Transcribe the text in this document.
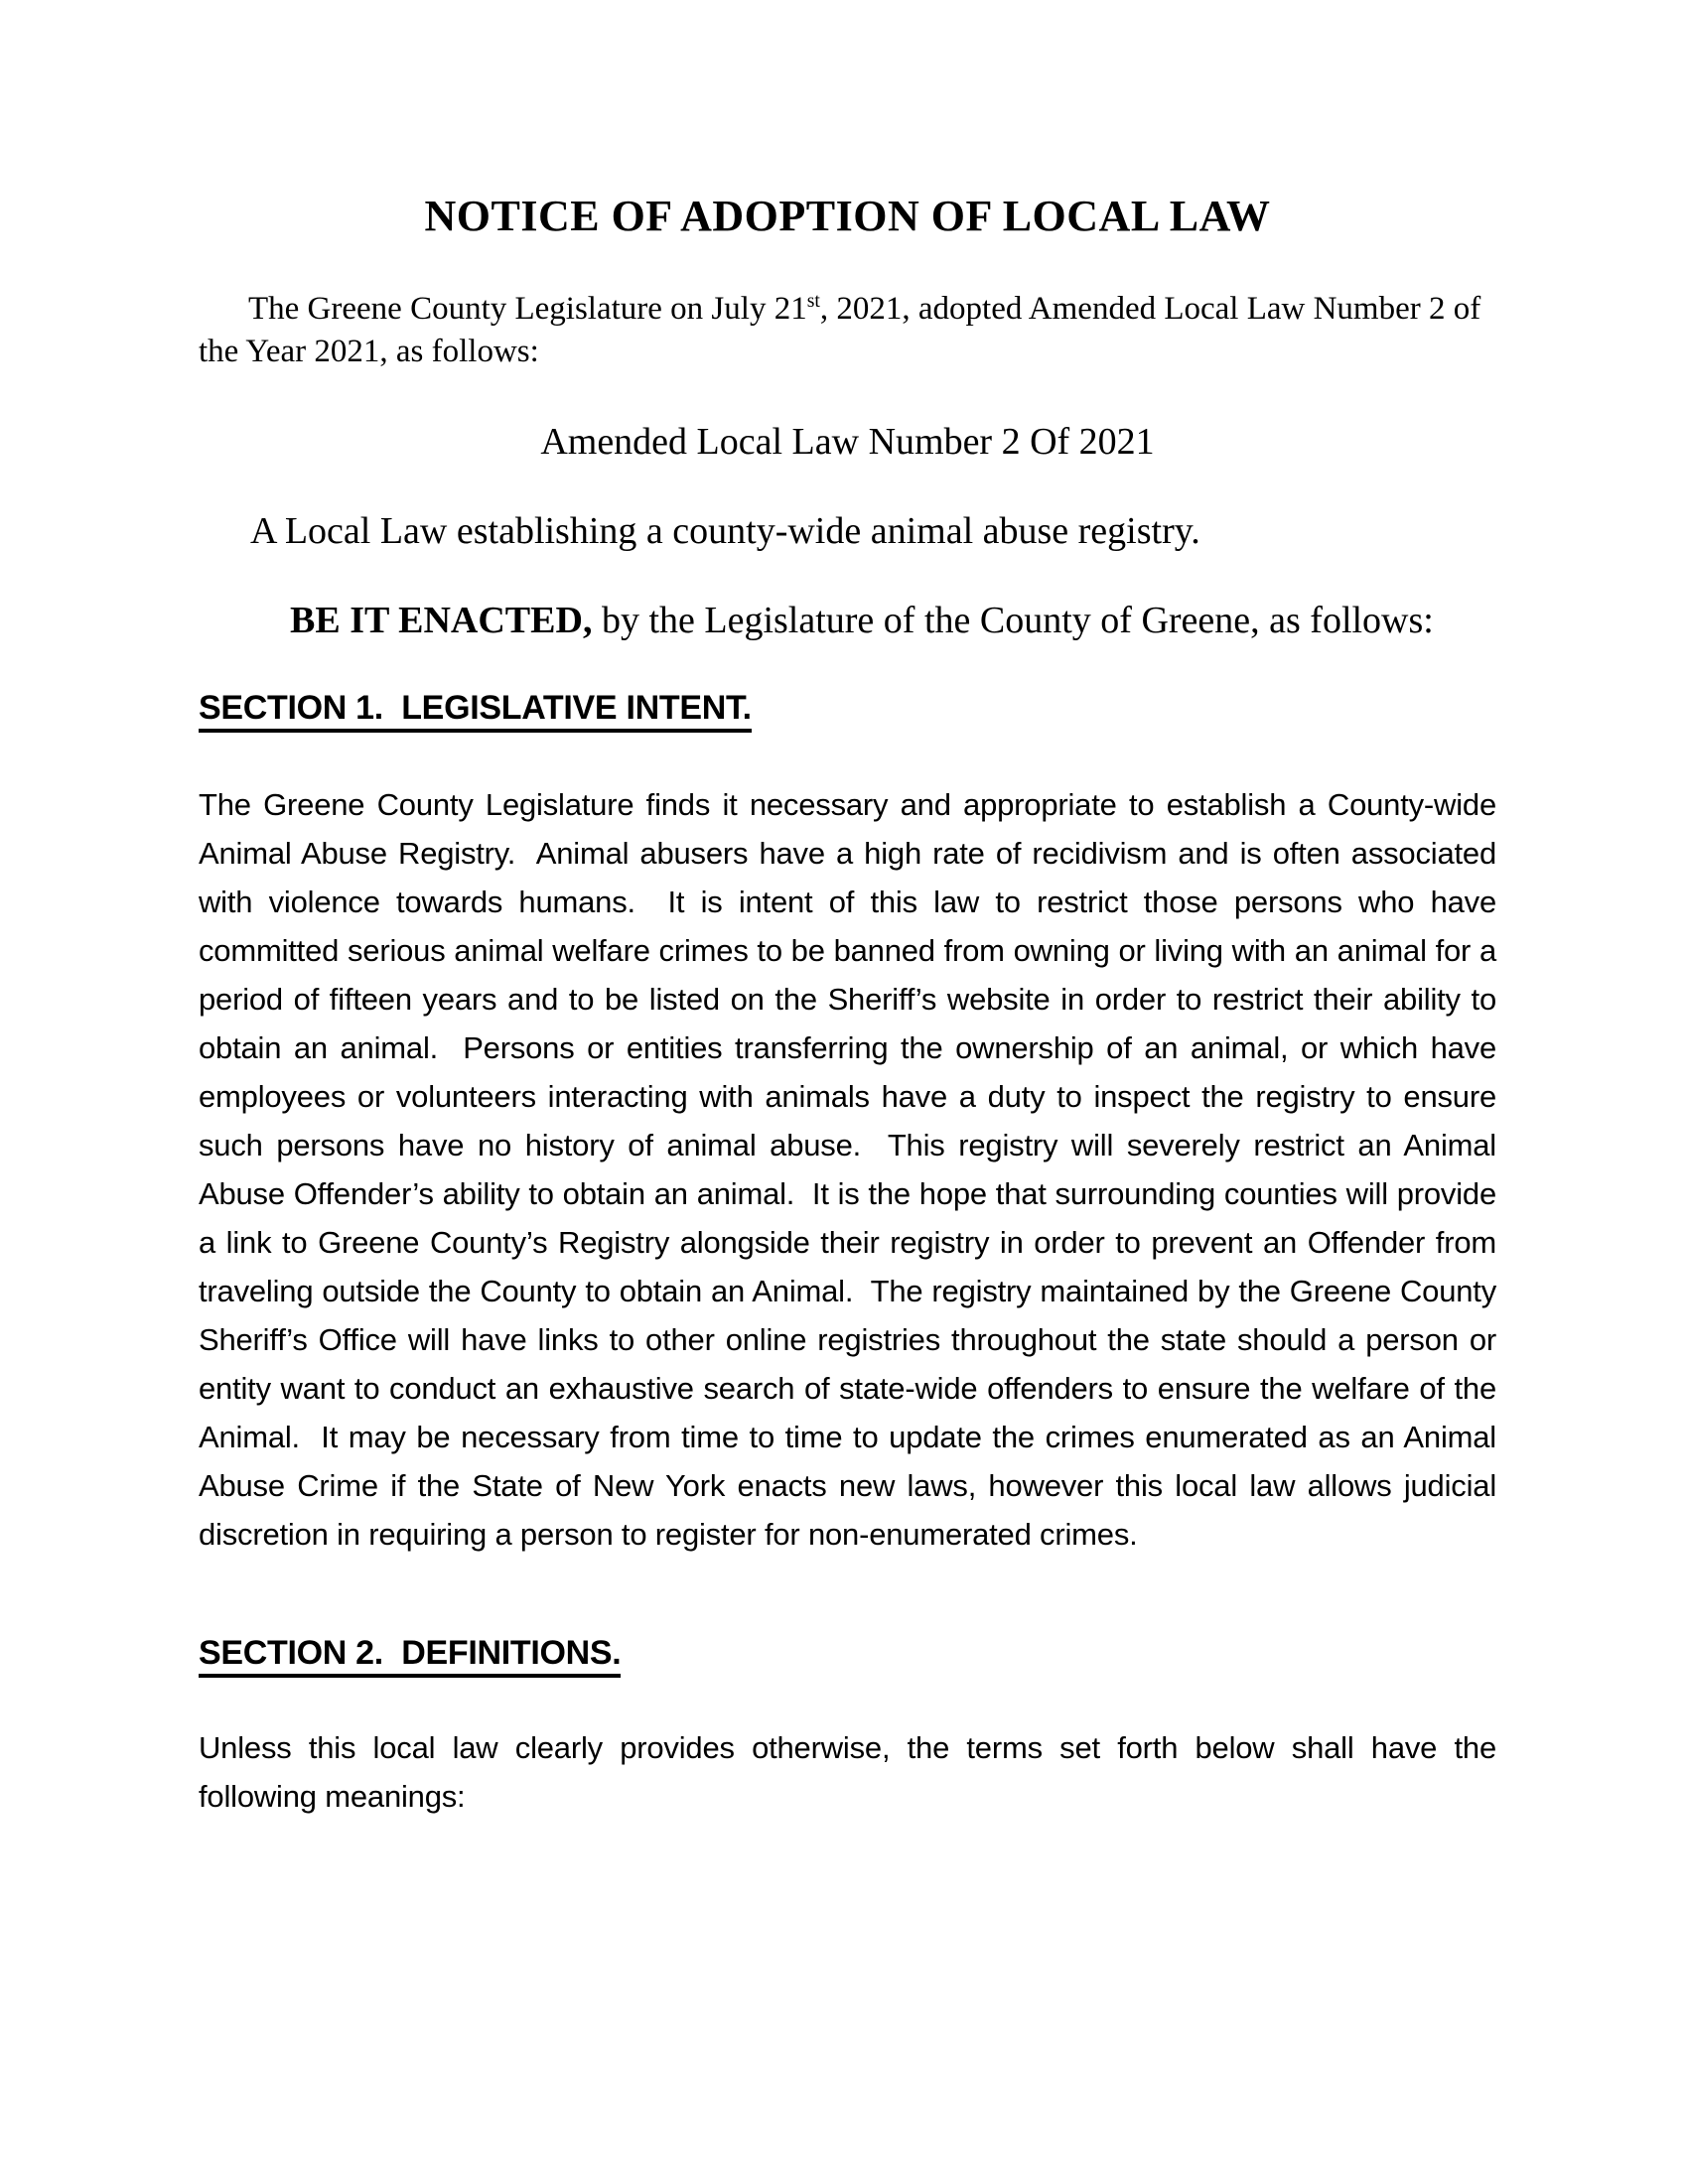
NOTICE OF ADOPTION OF LOCAL LAW

The Greene County Legislature on July 21st, 2021, adopted Amended Local Law Number 2 of the Year 2021, as follows:

Amended Local Law Number 2 Of 2021

A Local Law establishing a county-wide animal abuse registry.

BE IT ENACTED, by the Legislature of the County of Greene, as follows:

SECTION 1.  LEGISLATIVE INTENT.

The Greene County Legislature finds it necessary and appropriate to establish a County-wide Animal Abuse Registry.  Animal abusers have a high rate of recidivism and is often associated with violence towards humans.  It is intent of this law to restrict those persons who have committed serious animal welfare crimes to be banned from owning or living with an animal for a period of fifteen years and to be listed on the Sheriff’s website in order to restrict their ability to obtain an animal.  Persons or entities transferring the ownership of an animal, or which have employees or volunteers interacting with animals have a duty to inspect the registry to ensure such persons have no history of animal abuse.  This registry will severely restrict an Animal Abuse Offender’s ability to obtain an animal.  It is the hope that surrounding counties will provide a link to Greene County’s Registry alongside their registry in order to prevent an Offender from traveling outside the County to obtain an Animal.  The registry maintained by the Greene County Sheriff’s Office will have links to other online registries throughout the state should a person or entity want to conduct an exhaustive search of state-wide offenders to ensure the welfare of the Animal.  It may be necessary from time to time to update the crimes enumerated as an Animal Abuse Crime if the State of New York enacts new laws, however this local law allows judicial discretion in requiring a person to register for non-enumerated crimes.

SECTION 2.  DEFINITIONS.

Unless this local law clearly provides otherwise, the terms set forth below shall have the following meanings:
